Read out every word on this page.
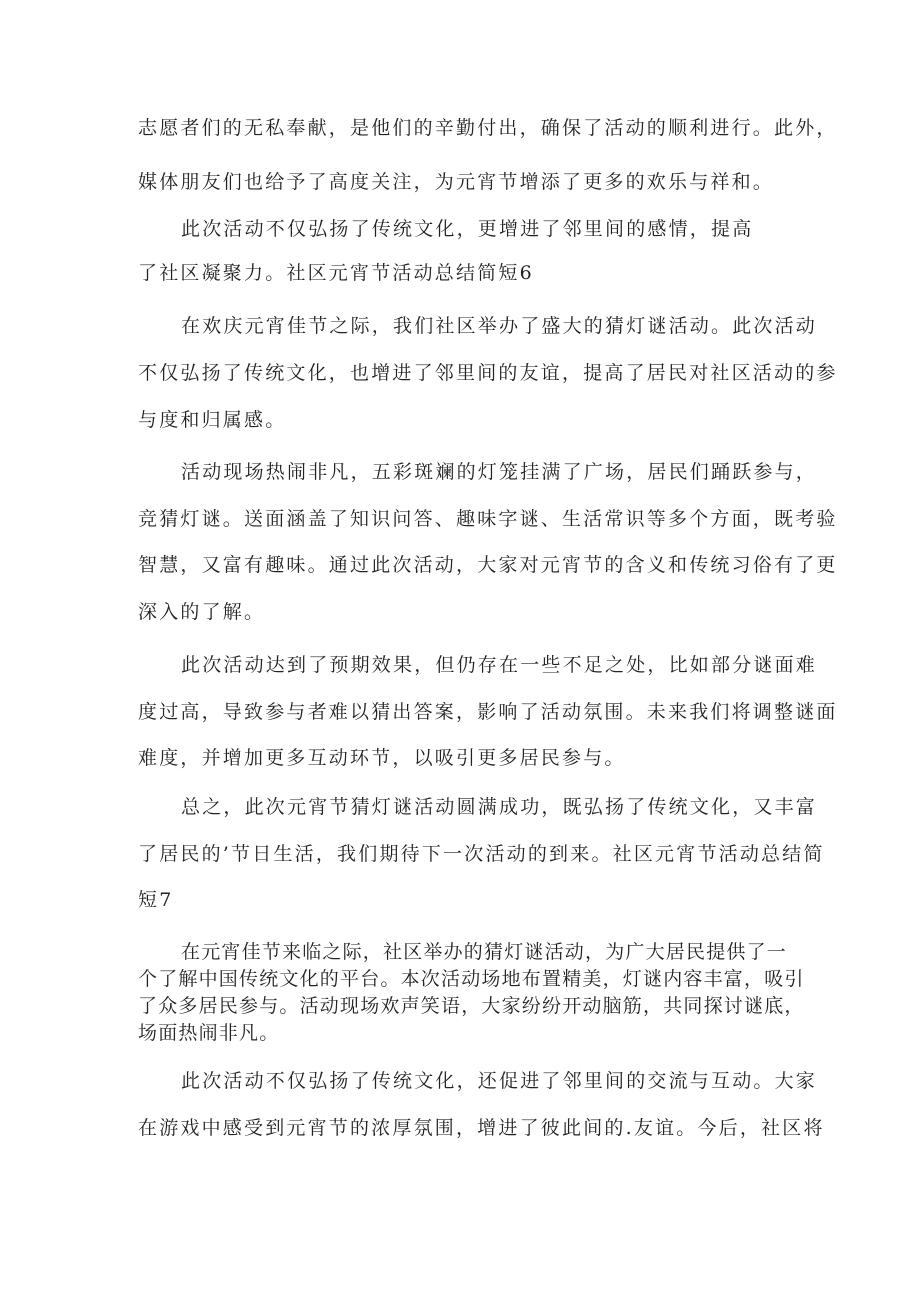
志愿者们的无私奉献，是他们的辛勤付出，确保了活动的顺利进行。此外，
媒体朋友们也给予了高度关注，为元宵节增添了更多的欢乐与祥和。
此次活动不仅弘扬了传统文化，更增进了邻里间的感情，提高
了社区凝聚力。社区元宵节活动总结简短6
在欢庆元宵佳节之际，我们社区举办了盛大的猜灯谜活动。此次活动
不仅弘扬了传统文化，也增进了邻里间的友谊，提高了居民对社区活动的参
与度和归属感。
活动现场热闹非凡，五彩斑斓的灯笼挂满了广场，居民们踊跃参与，
竞猜灯谜。送面涵盖了知识问答、趣味字谜、生活常识等多个方面，既考验
智慧，又富有趣味。通过此次活动，大家对元宵节的含义和传统习俗有了更
深入的了解。
此次活动达到了预期效果，但仍存在一些不足之处，比如部分谜面难
度过高，导致参与者难以猜出答案，影响了活动氛围。未来我们将调整谜面
难度，并增加更多互动环节，以吸引更多居民参与。
总之，此次元宵节猜灯谜活动圆满成功，既弘扬了传统文化，又丰富
了居民的’节日生活，我们期待下一次活动的到来。社区元宵节活动总结简
短7
在元宵佳节来临之际，社区举办的猜灯谜活动，为广大居民提供了一
个了解中国传统文化的平台。本次活动场地布置精美，灯谜内容丰富，吸引
了众多居民参与。活动现场欢声笑语，大家纷纷开动脑筋，共同探讨谜底，
场面热闹非凡。
此次活动不仅弘扬了传统文化，还促进了邻里间的交流与互动。大家
在游戏中感受到元宵节的浓厚氛围，增进了彼此间的.友谊。今后，社区将
